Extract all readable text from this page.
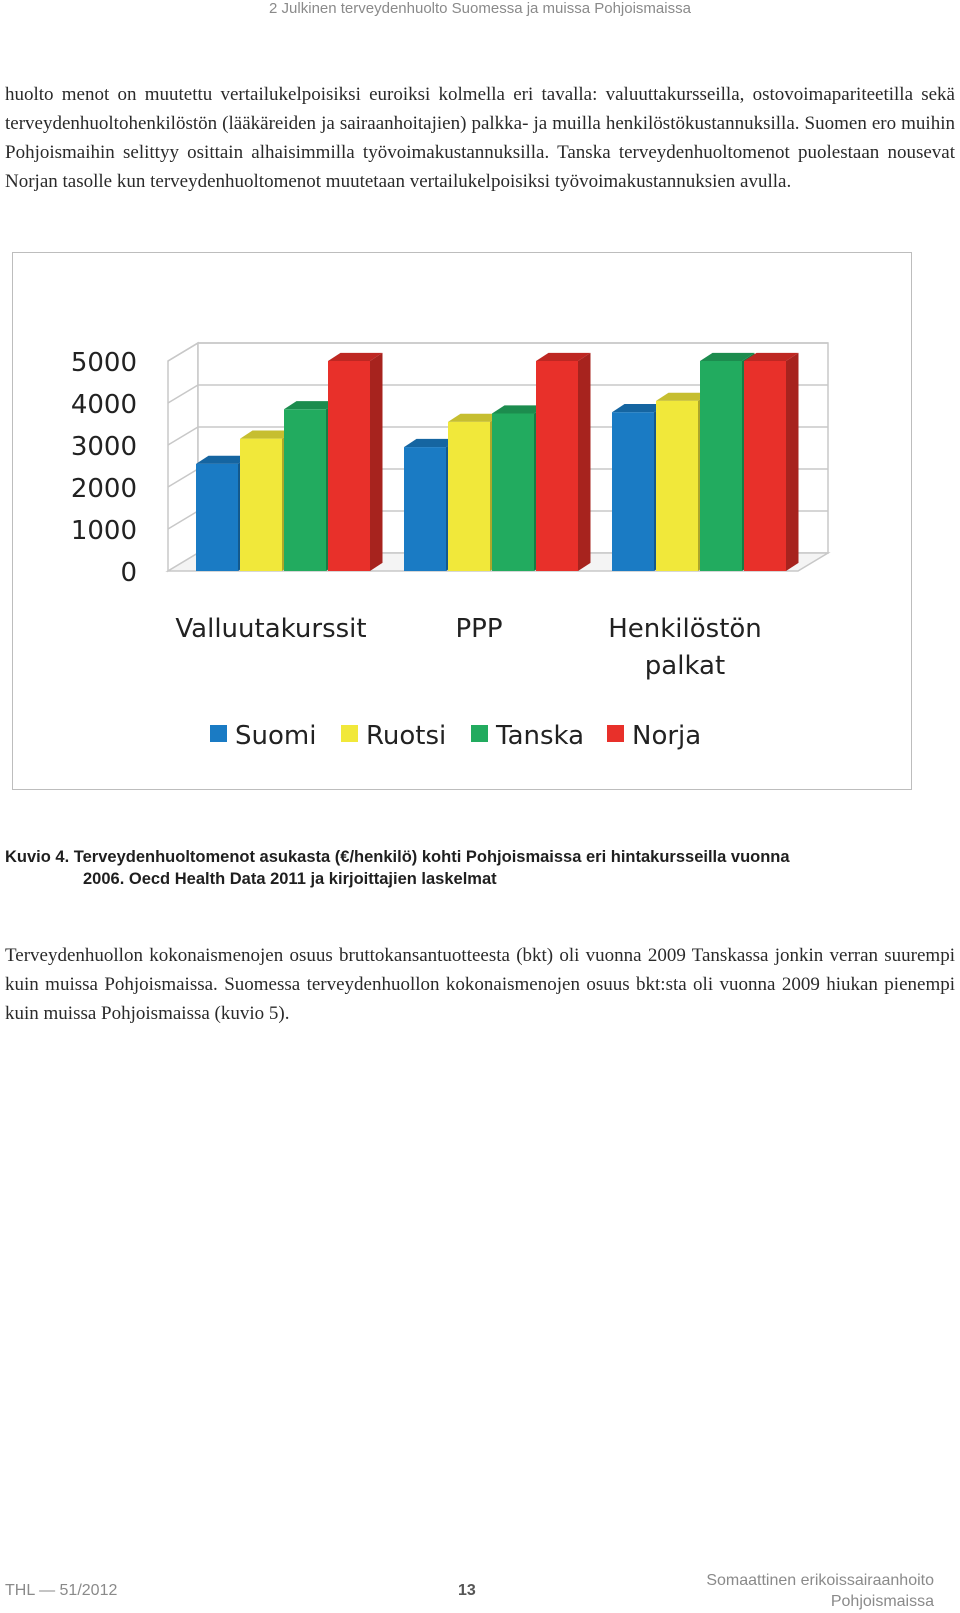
2 Julkinen terveydenhuolto Suomessa ja muissa Pohjoismaissa

huolto menot on muutettu vertailukelpoisiksi euroiksi kolmella eri tavalla: valuuttakursseilla, ostovoimapariteetilla sekä terveydenhuoltohenkilöstön (lääkäreiden ja sairaanhoitajien) palkka- ja muilla henkilöstökustannuksilla. Suomen ero muihin Pohjoismaihin selittyy osittain alhaisimmilla työvoimakustannuksilla. Tanska terveydenhuoltomenot puolestaan nousevat Norjan tasolle kun terveydenhuoltomenot muutetaan vertailukelpoisiksi työvoimakustannuksien avulla.

0
1000
2000
3000
4000
5000
Valluutakurssit	PPP	Henkilöstön palkat
Suomi Ruotsi Tanska Norja
Kuvio 4. Terveydenhuoltomenot asukasta (€/henkilö) kohti Pohjoismaissa eri hintakursseilla vuonna
2006. Oecd Health Data 2011 ja kirjoittajien laskelmat

Terveydenhuollon kokonaismenojen osuus bruttokansantuotteesta (bkt) oli vuonna 2009 Tanskassa jonkin verran suurempi kuin muissa Pohjoismaissa. Suomessa terveydenhuollon kokonaismenojen osuus bkt:sta oli vuonna 2009 hiukan pienempi kuin muissa Pohjoismaissa (kuvio 5).

THL — 51/2012	13
Somaattinen erikoissairaanhoito
Pohjoismaissa
